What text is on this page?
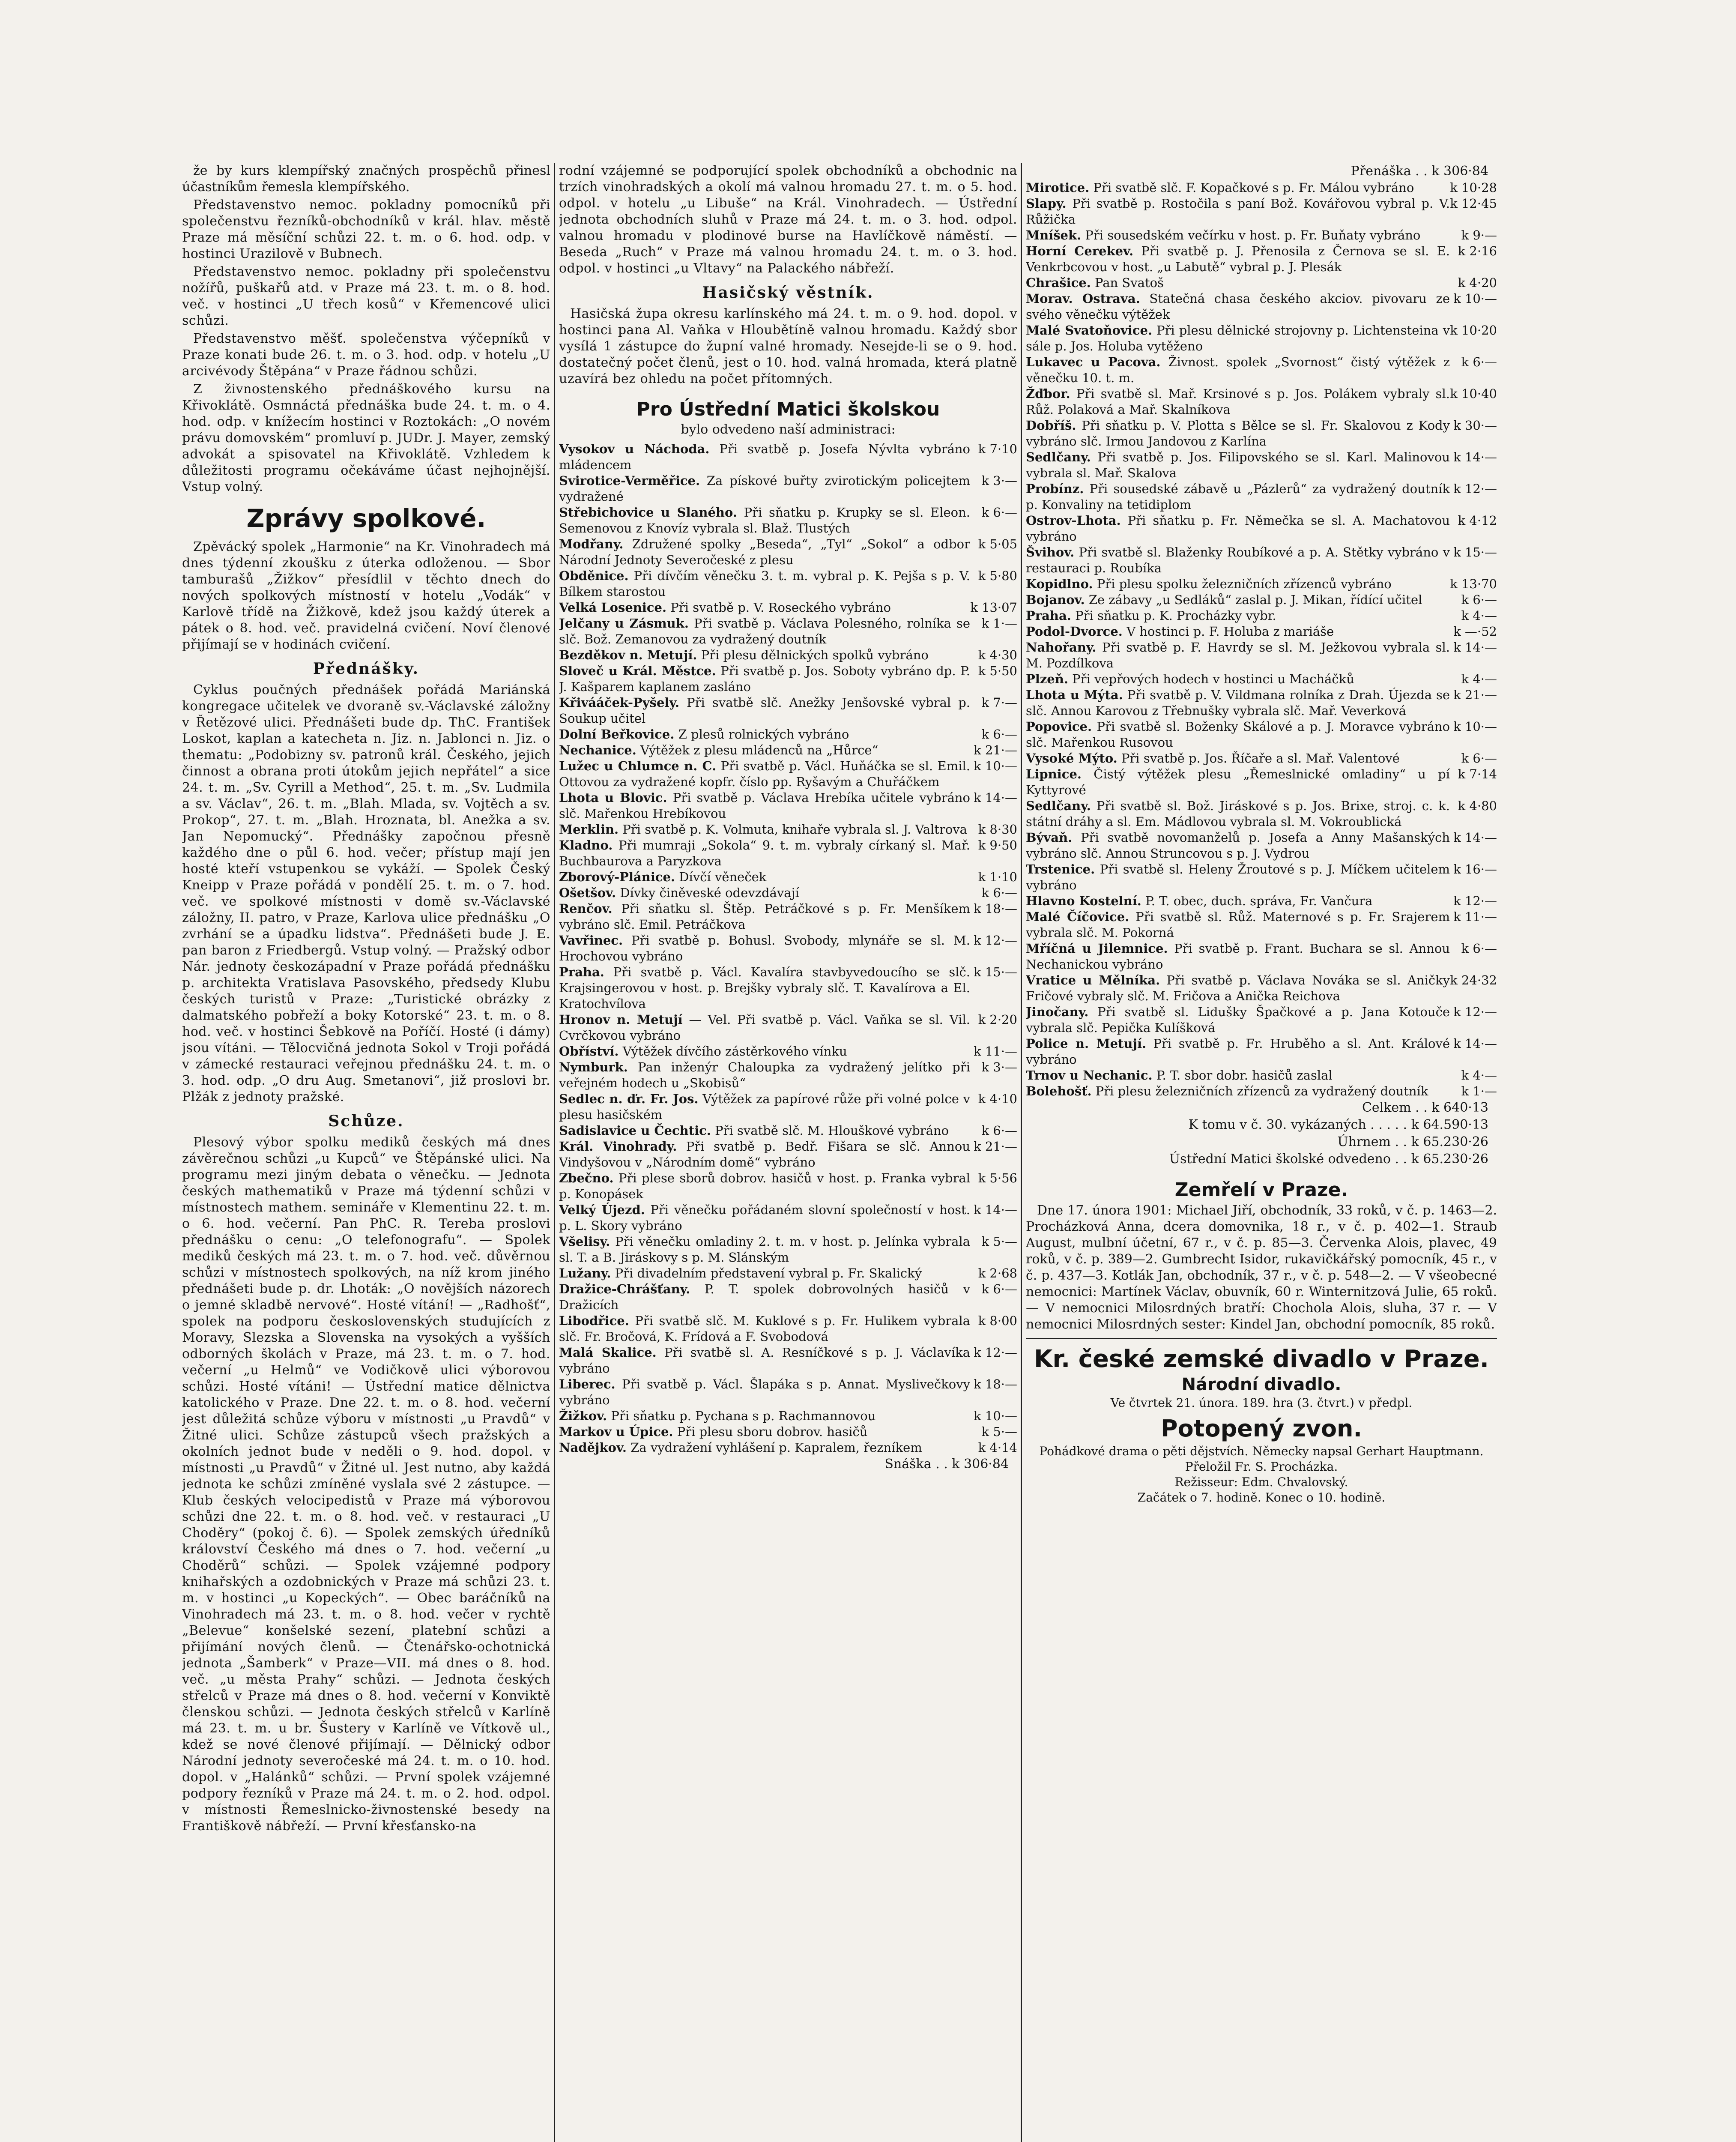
že by kurs klempířský značných prospěchů přinesl účastníkům řemesla klempířského.

Představenstvo nemoc. pokladny pomocníků při společenstvu řezníků-obchodníků v král. hlav. městě Praze má měsíční schůzi 22. t. m. o 6. hod. odp. v hostinci Urazilově v Bubnech.

Představenstvo nemoc. pokladny při společenstvu nožířů, puškařů atd. v Praze má 23. t. m. o 8. hod. več. v hostinci „U třech kosů“ v Křemencové ulici schůzi.

Představenstvo měšť. společenstva výčepníků v Praze konati bude 26. t. m. o 3. hod. odp. v hotelu „U arcivévody Štěpána“ v Praze řádnou schůzi.

Z živnostenského přednáškového kursu na Křivoklátě. Osmnáctá přednáška bude 24. t. m. o 4. hod. odp. v knížecím hostinci v Roztokách: „O novém právu domovském“ promluví p. JUDr. J. Mayer, zemský advokát a spisovatel na Křivoklátě. Vzhledem k důležitosti programu očekáváme účast nejhojnější. Vstup volný.

Zprávy spolkové.

Zpěvácký spolek „Harmonie“ na Kr. Vinohradech má dnes týdenní zkoušku z úterka odloženou. — Sbor tamburašů „Žižkov“ přesídlil v těchto dnech do nových spolkových místností v hotelu „Vodák“ v Karlově třídě na Žižkově, kdež jsou každý úterek a pátek o 8. hod. več. pravidelná cvičení. Noví členové přijímají se v hodinách cvičení.

Přednášky.

Cyklus poučných přednášek pořádá Mariánská kongregace učitelek ve dvoraně sv.-Václavské záložny v Řetězové ulici. Přednášeti bude dp. ThC. František Loskot, kaplan a katecheta n. Jiz. n. Jablonci n. Jiz. o thematu: „Podobizny sv. patronů král. Českého, jejich činnost a obrana proti útokům jejich nepřátel“ a sice 24. t. m. „Sv. Cyrill a Method“, 25. t. m. „Sv. Ludmila a sv. Václav“, 26. t. m. „Blah. Mlada, sv. Vojtěch a sv. Prokop“, 27. t. m. „Blah. Hroznata, bl. Anežka a sv. Jan Nepomucký“. Přednášky započnou přesně každého dne o půl 6. hod. večer; přístup mají jen hosté kteří vstupenkou se vykáží. — Spolek Český Kneipp v Praze pořádá v pondělí 25. t. m. o 7. hod. več. ve spolkové místnosti v domě sv.-Václavské záložny, II. patro, v Praze, Karlova ulice přednášku „O zvrhání se a úpadku lidstva“. Přednášeti bude J. E. pan baron z Friedbergů. Vstup volný. — Pražský odbor Nár. jednoty českozápadní v Praze pořádá přednášku p. architekta Vratislava Pasovského, předsedy Klubu českých turistů v Praze: „Turistické obrázky z dalmatského pobřeží a boky Kotorské“ 23. t. m. o 8. hod. več. v hostinci Šebkově na Poříčí. Hosté (i dámy) jsou vítáni. — Tělocvičná jednota Sokol v Troji pořádá v zámecké restauraci veřejnou přednášku 24. t. m. o 3. hod. odp. „O dru Aug. Smetanovi“, již proslovi br. Plžák z jednoty pražské.

Schůze.

Plesový výbor spolku mediků českých má dnes závěrečnou schůzi „u Kupců“ ve Štěpánské ulici. Na programu mezi jiným debata o věnečku. — Jednota českých mathematiků v Praze má týdenní schůzi v místnostech mathem. semináře v Klementinu 22. t. m. o 6. hod. večerní. Pan PhC. R. Tereba proslovi přednášku o cenu: „O telefonografu“. — Spolek mediků českých má 23. t. m. o 7. hod. več. důvěrnou schůzi v místnostech spolkových, na níž krom jiného přednášeti bude p. dr. Lhoták: „O novějších názorech o jemné skladbě nervové“. Hosté vítání! — „Radhošť“, spolek na podporu československých studujících z Moravy, Slezska a Slovenska na vysokých a vyšších odborných školách v Praze, má 23. t. m. o 7. hod. večerní „u Helmů“ ve Vodičkově ulici výborovou schůzi. Hosté vítáni! — Ústřední matice dělnictva katolického v Praze. Dne 22. t. m. o 8. hod. večerní jest důležitá schůze výboru v místnosti „u Pravdů“ v Žitné ulici. Schůze zástupců všech pražských a okolních jednot bude v neděli o 9. hod. dopol. v místnosti „u Pravdů“ v Žitné ul. Jest nutno, aby každá jednota ke schůzi zmíněné vyslala své 2 zástupce. — Klub českých velocipedistů v Praze má výborovou schůzi dne 22. t. m. o 8. hod. več. v restauraci „U Choděry“ (pokoj č. 6). — Spolek zemských úředníků království Českého má dnes o 7. hod. večerní „u Choděrů“ schůzi. — Spolek vzájemné podpory knihařských a ozdobnických v Praze má schůzi 23. t. m. v hostinci „u Kopeckých“. — Obec baráčníků na Vinohradech má 23. t. m. o 8. hod. večer v rychtě „Belevue“ konšelské sezení, platební schůzi a přijímání nových členů. — Čtenářsko-ochotnická jednota „Šamberk“ v Praze—VII. má dnes o 8. hod. več. „u města Prahy“ schůzi. — Jednota českých střelců v Praze má dnes o 8. hod. večerní v Konviktě členskou schůzi. — Jednota českých střelců v Karlíně má 23. t. m. u br. Šustery v Karlíně ve Vítkově ul., kdež se nové členové přijímají. — Dělnický odbor Národní jednoty severočeské má 24. t. m. o 10. hod. dopol. v „Halánků“ schůzi. — První spolek vzájemné podpory řezníků v Praze má 24. t. m. o 2. hod. odpol. v místnosti Řemeslnicko-živnostenské besedy na Františkově nábřeží. — První křesťansko-na

rodní vzájemné se podporující spolek obchodníků a obchodnic na trzích vinohradských a okolí má valnou hromadu 27. t. m. o 5. hod. odpol. v hotelu „u Libuše“ na Král. Vinohradech. — Ústřední jednota obchodních sluhů v Praze má 24. t. m. o 3. hod. odpol. valnou hromadu v plodinové burse na Havlíčkově náměstí. — Beseda „Ruch“ v Praze má valnou hromadu 24. t. m. o 3. hod. odpol. v hostinci „u Vltavy“ na Palackého nábřeží.

Hasičský věstník.

Hasičská župa okresu karlínského má 24. t. m. o 9. hod. dopol. v hostinci pana Al. Vaňka v Hloubětíně valnou hromadu. Každý sbor vysílá 1 zástupce do župní valné hromady. Nesejde-li se o 9. hod. dostatečný počet členů, jest o 10. hod. valná hromada, která platně uzavírá bez ohledu na počet přítomných.

Pro Ústřední Matici školskou
bylo odvedeno naší administraci:
Vysokov u Náchoda. Při svatbě p. Josefa Nývlta vybráno mládencem
k 7·10
Svirotice-Verměřice. Za pískové buřty zvirotickým policejtem vydražené
k 3·—
Střebichovice u Slaného. Při sňatku p. Krupky se sl. Eleon. Semenovou z Knovíz vybrala sl. Blaž. Tlustých
k 6·—
Modřany. Združené spolky „Beseda“, „Tyl“ „Sokol“ a odbor Národní Jednoty Severočeské z plesu
k 5·05
Obděnice. Při dívčím věnečku 3. t. m. vybral p. K. Pejša s p. V. Bílkem starostou
k 5·80
Velká Losenice. Při svatbě p. V. Roseckého vybráno	k 13·07
Jelčany u Zásmuk. Při svatbě p. Václava Polesného, rolníka se slč. Bož. Zemanovou za vydražený doutník
k 1·—
Bezděkov n. Metují. Při plesu dělnických spolků vybráno	k 4·30
Sloveč u Král. Městce. Při svatbě p. Jos. Soboty vybráno dp. P. J. Kašparem kaplanem zasláno
k 5·50
Křivááček-Pyšely. Při svatbě slč. Anežky Jenšovské vybral p. Soukup učitel
k 7·—
Dolní Beřkovice. Z plesů rolnických vybráno	k 6·—
Nechanice. Výtěžek z plesu mládenců na „Hůrce“	k 21·—
Lužec u Chlumce n. C. Při svatbě p. Václ. Huňáčka se sl. Emil. Ottovou za vydražené kopfr. číslo pp. Ryšavým a Chuřáčkem
k 10·—
Lhota u Blovic. Při svatbě p. Václava Hrebíka učitele vybráno slč. Mařenkou Hrebíkovou
k 14·—
Merklin. Při svatbě p. K. Volmuta, knihaře vybrala sl. J. Valtrova k 8·30
Kladno. Při mumraji „Sokola“ 9. t. m. vybraly církaný sl. Mař. Buchbaurova a Paryzkova
k 9·50
Zborový-Plánice. Dívčí věneček	k 1·10
Ošetšov. Dívky činěveské odevzdávají	k 6·—
Renčov. Při sňatku sl. Štěp. Petráčkové s p. Fr. Menšíkem vybráno slč. Emil. Petráčkova
k 18·—
Vavřinec. Při svatbě p. Bohusl. Svobody, mlynáře se sl. M. Hrochovou vybráno
k 12·—
Praha. Při svatbě p. Václ. Kavalíra stavbyvedoucího se slč. Krajsingerovou v host. p. Brejšky vybraly slč. T. Kavalírova a El. Kratochvílova
k 15·—
Hronov n. Metují — Vel. Při svatbě p. Václ. Vaňka se sl. Vil. Cvrčkovou vybráno
k 2·20
Obříství. Výtěžek dívčího zástěrkového vínku	k 11·—
Nymburk. Pan inženýr Chaloupka za vydražený jelítko při veřejném hodech u „Skobisů“
k 3·—
Sedlec n. ďr. Fr. Jos. Výtěžek za papírové růže při volné polce v plesu hasičském
k 4·10
Sadislavice u Čechtic. Při svatbě slč. M. Hlouškové vybráno	k 6·—
Král. Vinohrady. Při svatbě p. Bedř. Fišara se slč. Annou Vindyšovou v „Národním domě“ vybráno
k 21·—
Zbečno. Při plese sborů dobrov. hasičů v host. p. Franka vybral p. Konopásek
k 5·56
Velký Újezd. Při věnečku pořádaném slovní společností v host. p. L. Skory vybráno
k 14·—
Všelisy. Při věnečku omladiny 2. t. m. v host. p. Jelínka vybrala sl. T. a B. Jiráskovy s p. M. Slánským
k 5·—
Lužany. Při divadelním představení vybral p. Fr. Skalický	k 2·68
Dražice-Chrášťany. P. T. spolek dobrovolných hasičů v Dražicích
k 6·—
Libodřice. Při svatbě slč. M. Kuklové s p. Fr. Hulikem vybrala slč. Fr. Bročová, K. Frídová a F. Svobodová
k 8·00
Malá Skalice. Při svatbě sl. A. Resníčkové s p. J. Václavíka vybráno
k 12·—
Liberec. Při svatbě p. Václ. Šlapáka s p. Annat. Myslivečkovy vybráno
k 18·—
Žižkov. Při sňatku p. Pychana s p. Rachmannovou	k 10·—
Markov u Úpice. Při plesu sboru dobrov. hasičů	k 5·—
Nadějkov. Za vydražení vyhlášení p. Kapralem, řezníkem	k 4·14
Snáška . . k 306·84
Přenáška . . k 306·84
Mirotice. Při svatbě slč. F. Kopačkové s p. Fr. Málou vybráno	k 10·28
Slapy. Při svatbě p. Rostočila s paní Bož. Kovářovou vybral p. V. Růžička
k 12·45
Mníšek. Při sousedském večírku v host. p. Fr. Buňaty vybráno	k 9·—
Horní Cerekev. Při svatbě p. J. Přenosila z Černova se sl. E. Venkrbcovou v host. „u Labutě“ vybral p. J. Plesák
k 2·16
Chrašice. Pan Svatoš	k 4·20
Morav. Ostrava. Statečná chasa českého akciov. pivovaru ze svého věnečku výtěžek
k 10·—
Malé Svatoňovice. Při plesu dělnické strojovny p. Lichtensteina v sále p. Jos. Holuba vytěženo
k 10·20
Lukavec u Pacova. Živnost. spolek „Svornost“ čistý výtěžek z věnečku 10. t. m.
k 6·—
Žďbor. Při svatbě sl. Mař. Krsinové s p. Jos. Polákem vybraly sl. Růž. Polaková a Mař. Skalníkova
k 10·40
Dobříš. Při sňatku p. V. Plotta s Bělce se sl. Fr. Skalovou z Kody vybráno slč. Irmou Jandovou z Karlína
k 30·—
Sedlčany. Při svatbě p. Jos. Filipovského se sl. Karl. Malinovou vybrala sl. Mař. Skalova
k 14·—
Probínz. Při sousedské zábavě u „Pázlerů“ za vydražený doutník p. Konvaliny na tetidiplom
k 12·—
Ostrov-Lhota. Při sňatku p. Fr. Němečka se sl. A. Machatovou vybráno
k 4·12
Švihov. Při svatbě sl. Blaženky Roubíkové a p. A. Stětky vybráno v restauraci p. Roubíka
k 15·—
Kopidlno. Při plesu spolku železničních zřízenců vybráno	k 13·70
Bojanov. Ze zábavy „u Sedláků“ zaslal p. J. Mikan, řídící učitel	k 6·—
Praha. Při sňatku p. K. Procházky vybr.	k 4·—
Podol-Dvorce. V hostinci p. F. Holuba z mariáše	k —·52
Nahořany. Při svatbě p. F. Havrdy se sl. M. Ježkovou vybrala sl. M. Pozdílkova
k 14·—
Plzeň. Při vepřových hodech v hostinci u Macháčků	k 4·—
Lhota u Mýta. Při svatbě p. V. Vildmana rolníka z Drah. Újezda se slč. Annou Karovou z Třebnušky vybrala slč. Mař. Veverková
k 21·—
Popovice. Při svatbě sl. Boženky Skálové a p. J. Moravce vybráno slč. Mařenkou Rusovou
k 10·—
Vysoké Mýto. Při svatbě p. Jos. Říčaře a sl. Mař. Valentové	k 6·—
Lipnice. Čistý výtěžek plesu „Řemeslnické omladiny“ u pí Kyttyrové
k 7·14
Sedlčany. Při svatbě sl. Bož. Jiráskové s p. Jos. Brixe, stroj. c. k. státní dráhy a sl. Em. Mádlovou vybrala sl. M. Vokroublická
k 4·80
Bývaň. Při svatbě novomanželů p. Josefa a Anny Mašanských vybráno slč. Annou Struncovou s p. J. Vydrou
k 14·—
Trstenice. Při svatbě sl. Heleny Žroutové s p. J. Míčkem učitelem vybráno
k 16·—
Hlavno Kostelní. P. T. obec, duch. správa, Fr. Vančura	k 12·—
Malé Číčovice. Při svatbě sl. Růž. Maternové s p. Fr. Srajerem vybrala slč. M. Pokorná
k 11·—
Mříčná u Jilemnice. Při svatbě p. Frant. Buchara se sl. Annou Nechanickou vybráno
k 6·—
Vratice u Mělníka. Při svatbě p. Václava Nováka se sl. Aničky Fričové vybraly slč. M. Fričova a Anička Reichova
k 24·32
Jinočany. Při svatbě sl. Lidušky Špačkové a p. Jana Kotouče vybrala slč. Pepička Kulíšková
k 12·—
Police n. Metují. Při svatbě p. Fr. Hruběho a sl. Ant. Králové vybráno
k 14·—
Trnov u Nechanic. P. T. sbor dobr. hasičů zaslal	k 4·—
Bolehošť. Při plesu železničních zřízenců za vydražený doutník	k 1·—
Celkem . . k 640·13
K tomu v č. 30. vykázaných . . . . . k 64.590·13
Úhrnem . . k 65.230·26
Ústřední Matici školské odvedeno . . k 65.230·26
Zemřelí v Praze.

Dne 17. února 1901: Michael Jiří, obchodník, 33 roků, v č. p. 1463—2. Procházková Anna, dcera domovnika, 18 r., v č. p. 402—1. Straub August, mulbní účetní, 67 r., v č. p. 85—3. Červenka Alois, plavec, 49 roků, v č. p. 389—2. Gumbrecht Isidor, rukavičkářský pomocník, 45 r., v č. p. 437—3. Kotlák Jan, obchodník, 37 r., v č. p. 548—2. — V všeobecné nemocnici: Martínek Václav, obuvník, 60 r. Winternitzová Julie, 65 roků. — V nemocnici Milosrdných bratří: Chochola Alois, sluha, 37 r. — V nemocnici Milosrdných sester: Kindel Jan, obchodní pomocník, 85 roků.

Kr. české zemské divadlo v Praze.
Národní divadlo.
Ve čtvrtek 21. února. 189. hra (3. čtvrt.) v předpl.
Potopený zvon.
Pohádkové drama o pěti dějstvích. Německy napsal Gerhart Hauptmann. Přeložil Fr. S. Procházka.
Režisseur: Edm. Chvalovský.
Začátek o 7. hodině. Konec o 10. hodině.
